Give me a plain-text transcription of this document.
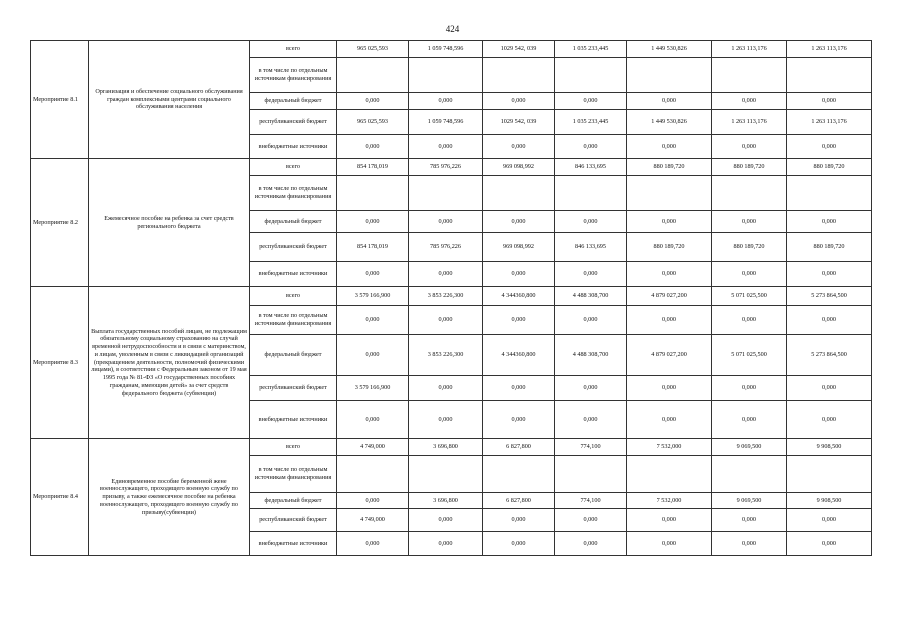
424
Мероприятие 8.1	Организация и обеспечение социального обслуживания граждан комплексными центрами социального обслуживания населения	всего	965 025,593	1 059 748,596	1029 542, 039	1 035 233,445	1 449 530,826	1 263 113,176	1 263 113,176
		в том числе по отдельным источникам финансирования							
		федеральный бюджет	0,000	0,000	0,000	0,000	0,000	0,000	0,000
		республиканский бюджет	965 025,593	1 059 748,596	1029 542, 039	1 035 233,445	1 449 530,826	1 263 113,176	1 263 113,176
		внебюджетные источники	0,000	0,000	0,000	0,000	0,000	0,000	0,000
Мероприятие 8.2	Ежемесячное пособие на ребенка за счет средств регионального бюджета	всего	854 178,019	785 976,226	969 098,992	846 133,695	880 189,720	880 189,720	880 189,720
		в том числе по отдельным источникам финансирования							
		федеральный бюджет	0,000	0,000	0,000	0,000	0,000	0,000	0,000
		республиканский бюджет	854 178,019	785 976,226	969 098,992	846 133,695	880 189,720	880 189,720	880 189,720
		внебюджетные источники	0,000	0,000	0,000	0,000	0,000	0,000	0,000
Мероприятие 8.3	Выплата государственных пособий лицам, не подлежащим обязательному социальному страхованию на случай временной нетрудоспособности и в связи с материнством, и лицам, уволенным в связи с ликвидацией организаций (прекращением деятельности, полномочий физическими лицами), в соответствии с Федеральным законом от 19 мая 1995 года № 81-ФЗ «О государственных пособиях гражданам, имеющим детей» за счет средств федерального бюджета (субвенции)	всего	3 579 166,900	3 853 226,300	4 344360,800	4 488 308,700	4 879 027,200	5 071 025,500	5 273 864,500
		в том числе по отдельным источникам финансирования	0,000	0,000	0,000	0,000	0,000	0,000	0,000
		федеральный бюджет	0,000	3 853 226,300	4 344360,800	4 488 308,700	4 879 027,200	5 071 025,500	5 273 864,500
		республиканский бюджет	3 579 166,900	0,000	0,000	0,000	0,000	0,000	0,000
		внебюджетные источники	0,000	0,000	0,000	0,000	0,000	0,000	0,000
Мероприятие 8.4	Единовременное пособие беременной жене военнослужащего, проходящего военную службу по призыву, а также ежемесячное пособие на ребенка военнослужащего, проходящего военную службу по призыву(субвенции)	всего	4 749,000	3 696,800	6 827,800	774,100	7 532,000	9 069,500	9 908,500
		в том числе по отдельным источникам финансирования							
		федеральный бюджет	0,000	3 696,800	6 827,800	774,100	7 532,000	9 069,500	9 908,500
		республиканский бюджет	4 749,000	0,000	0,000	0,000	0,000	0,000	0,000
		внебюджетные источники	0,000	0,000	0,000	0,000	0,000	0,000	0,000
